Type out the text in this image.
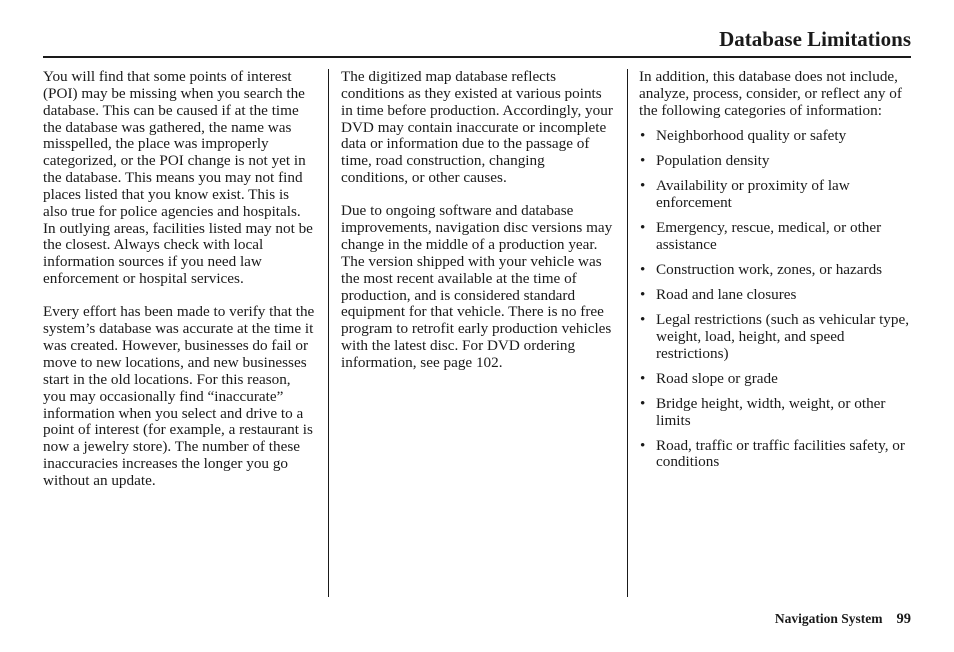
Database Limitations

You will find that some points of interest (POI) may be missing when you search the database. This can be caused if at the time the database was gathered, the name was misspelled, the place was improperly categorized, or the POI change is not yet in the database. This means you may not find places listed that you know exist. This is also true for police agencies and hospitals. In outlying areas, facilities listed may not be the closest. Always check with local information sources if you need law enforcement or hospital services.

Every effort has been made to verify that the system’s database was accurate at the time it was created. However, businesses do fail or move to new locations, and new businesses start in the old locations. For this reason, you may occasionally find “inaccurate” information when you select and drive to a point of interest (for example, a restaurant is now a jewelry store). The number of these inaccuracies increases the longer you go without an update.

The digitized map database reflects conditions as they existed at various points in time before production. Accordingly, your DVD may contain inaccurate or incomplete data or information due to the passage of time, road construction, changing conditions, or other causes.

Due to ongoing software and database improvements, navigation disc versions may change in the middle of a production year. The version shipped with your vehicle was the most recent available at the time of production, and is considered standard equipment for that vehicle. There is no free program to retrofit early production vehicles with the latest disc. For DVD ordering information, see page 102.

In addition, this database does not include, analyze, process, consider, or reflect any of the following categories of information:

• Neighborhood quality or safety
• Population density
• Availability or proximity of law enforcement
• Emergency, rescue, medical, or other assistance
• Construction work, zones, or hazards
• Road and lane closures
• Legal restrictions (such as vehicular type, weight, load, height, and speed restrictions)
• Road slope or grade
• Bridge height, width, weight, or other limits
• Road, traffic or traffic facilities safety, or conditions
Navigation System 99
